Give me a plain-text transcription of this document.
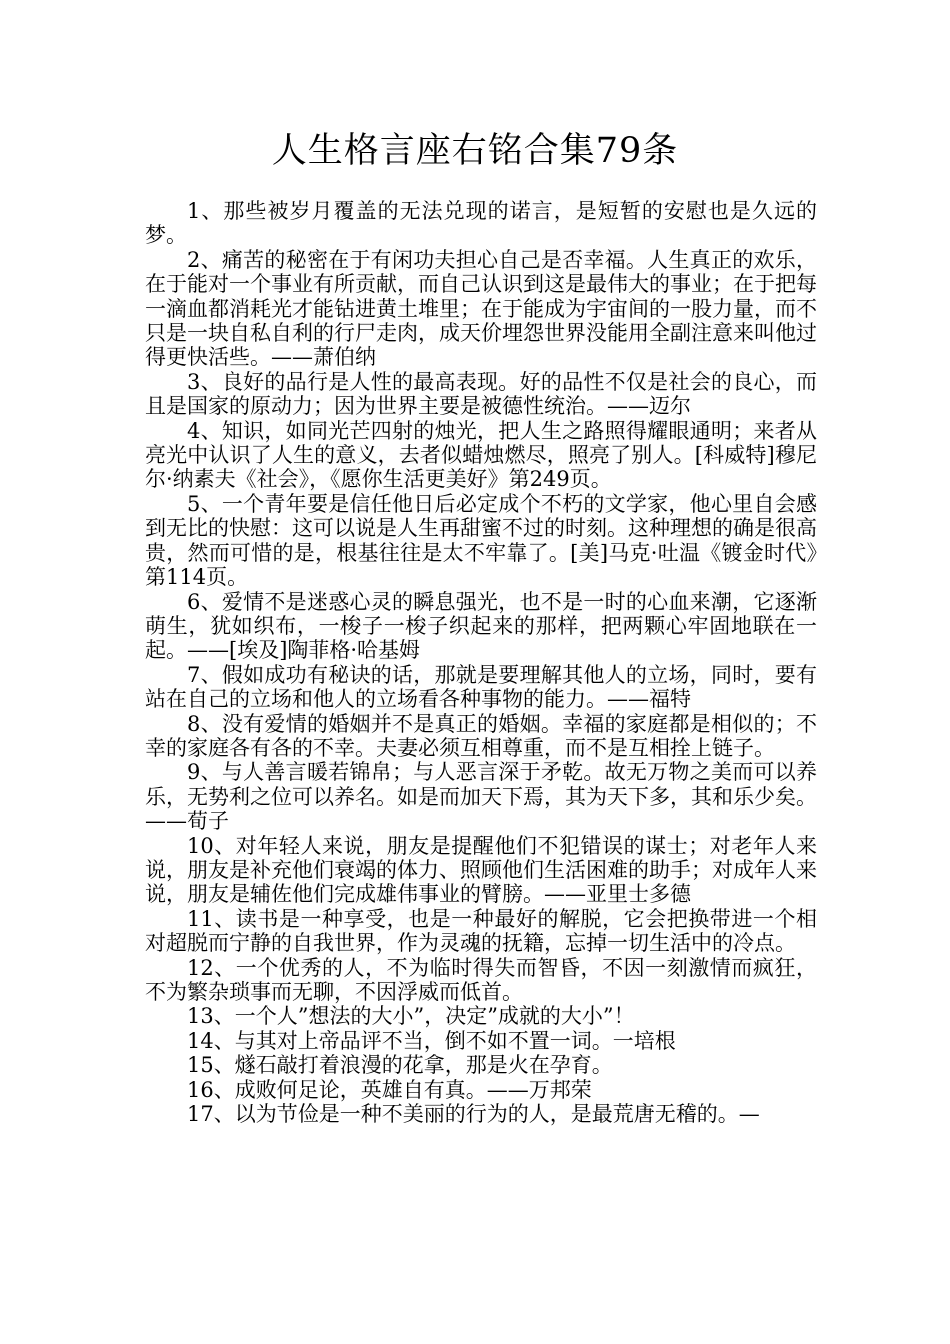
人生格言座右铭合集79条

1、那些被岁月覆盖的无法兑现的诺言，是短暂的安慰也是久远的梦。

2、痛苦的秘密在于有闲功夫担心自己是否幸福。人生真正的欢乐，在于能对一个事业有所贡献，而自己认识到这是最伟大的事业；在于把每一滴血都消耗光才能钻进黄土堆里；在于能成为宇宙间的一股力量，而不只是一块自私自利的行尸走肉，成天价埋怨世界没能用全副注意来叫他过得更快活些。——萧伯纳

3、良好的品行是人性的最高表现。好的品性不仅是社会的良心，而且是国家的原动力；因为世界主要是被德性统治。——迈尔

4、知识，如同光芒四射的烛光，把人生之路照得耀眼通明；来者从亮光中认识了人生的意义，去者似蜡烛燃尽，照亮了别人。[科威特]穆尼尔·纳素夫《社会》，《愿你生活更美好》第249页。

5、一个青年要是信任他日后必定成个不朽的文学家，他心里自会感到无比的快慰：这可以说是人生再甜蜜不过的时刻。这种理想的确是很高贵，然而可惜的是，根基往往是太不牢靠了。[美]马克·吐温《镀金时代》第114页。

6、爱情不是迷惑心灵的瞬息强光，也不是一时的心血来潮，它逐渐萌生，犹如织布，一梭子一梭子织起来的那样，把两颗心牢固地联在一起。——[埃及]陶菲格·哈基姆

7、假如成功有秘诀的话，那就是要理解其他人的立场，同时，要有站在自己的立场和他人的立场看各种事物的能力。——福特

8、没有爱情的婚姻并不是真正的婚姻。幸福的家庭都是相似的；不幸的家庭各有各的不幸。夫妻必须互相尊重，而不是互相拴上链子。

9、与人善言暖若锦帛；与人恶言深于矛乾。故无万物之美而可以养乐，无势利之位可以养名。如是而加天下焉，其为天下多，其和乐少矣。——荀子

10、对年轻人来说，朋友是提醒他们不犯错误的谋士；对老年人来说，朋友是补充他们衰竭的体力、照顾他们生活困难的助手；对成年人来说，朋友是辅佐他们完成雄伟事业的臂膀。——亚里士多德

11、读书是一种享受，也是一种最好的解脱，它会把换带进一个相对超脱而宁静的自我世界，作为灵魂的抚籍，忘掉一切生活中的冷点。

12、一个优秀的人，不为临时得失而智昏，不因一刻激情而疯狂，不为繁杂琐事而无聊，不因浮威而低首。

13、一个人”想法的大小”，决定”成就的大小”！

14、与其对上帝品评不当，倒不如不置一词。一培根

15、燧石敲打着浪漫的花拿，那是火在孕育。

16、成败何足论，英雄自有真。——万邦荣

17、以为节俭是一种不美丽的行为的人，是最荒唐无稽的。—
